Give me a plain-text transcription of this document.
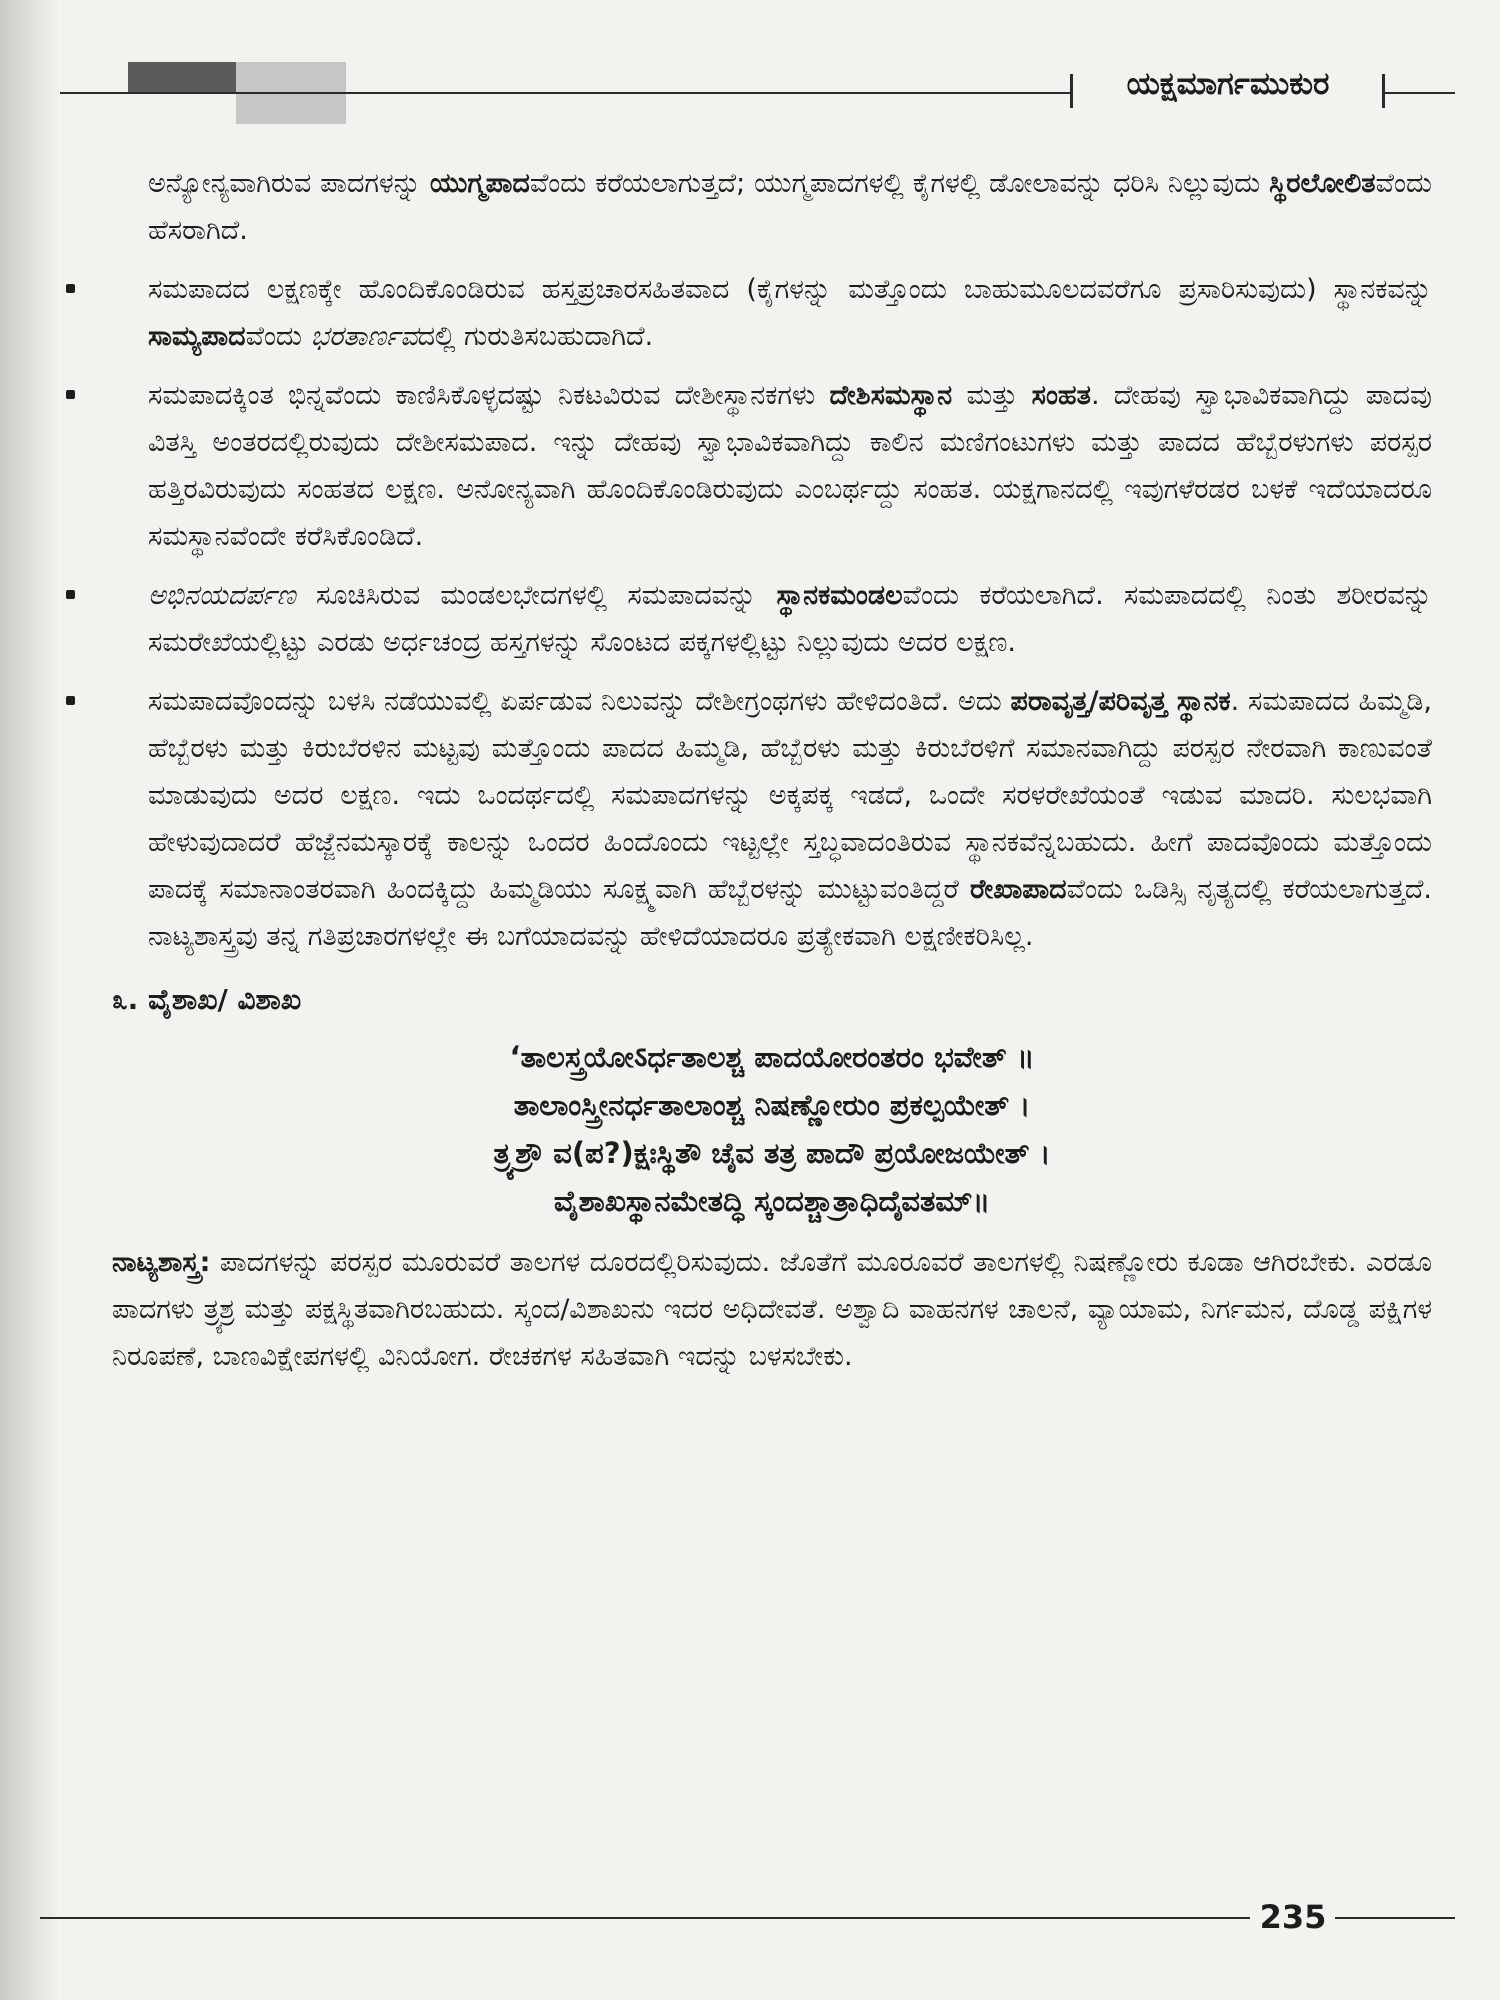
ಯಕ್ಷಮಾರ್ಗಮುಕುರ

ಅನ್ಯೋನ್ಯವಾಗಿರುವ ಪಾದಗಳನ್ನು ಯುಗ್ಮಪಾದವೆಂದು ಕರೆಯಲಾಗುತ್ತದೆ; ಯುಗ್ಮಪಾದಗಳಲ್ಲಿ ಕೈಗಳಲ್ಲಿ ಡೋಲಾವನ್ನು ಧರಿಸಿ ನಿಲ್ಲುವುದು ಸ್ಥಿರಲೋಲಿತವೆಂದು ಹೆಸರಾಗಿದೆ.

ಸಮಪಾದದ ಲಕ್ಷಣಕ್ಕೇ ಹೊಂದಿಕೊಂಡಿರುವ ಹಸ್ತಪ್ರಚಾರಸಹಿತವಾದ (ಕೈಗಳನ್ನು ಮತ್ತೊಂದು ಬಾಹುಮೂಲದವರೆಗೂ ಪ್ರಸಾರಿಸುವುದು) ಸ್ಥಾನಕವನ್ನು ಸಾಮ್ಯಪಾದವೆಂದು ಭರತಾರ್ಣವದಲ್ಲಿ ಗುರುತಿಸಬಹುದಾಗಿದೆ.

ಸಮಪಾದಕ್ಕಿಂತ ಭಿನ್ನವೆಂದು ಕಾಣಿಸಿಕೊಳ್ಳದಷ್ಟು ನಿಕಟವಿರುವ ದೇಶೀಸ್ಥಾನಕಗಳು ದೇಶಿಸಮಸ್ಥಾನ ಮತ್ತು ಸಂಹತ. ದೇಹವು ಸ್ವಾಭಾವಿಕವಾಗಿದ್ದು ಪಾದವು ವಿತಸ್ತಿ ಅಂತರದಲ್ಲಿರುವುದು ದೇಶೀಸಮಪಾದ. ಇನ್ನು ದೇಹವು ಸ್ವಾಭಾವಿಕವಾಗಿದ್ದು ಕಾಲಿನ ಮಣಿಗಂಟುಗಳು ಮತ್ತು ಪಾದದ ಹೆಬ್ಬೆರಳುಗಳು ಪರಸ್ಪರ ಹತ್ತಿರವಿರುವುದು ಸಂಹತದ ಲಕ್ಷಣ. ಅನೋನ್ಯವಾಗಿ ಹೊಂದಿಕೊಂಡಿರುವುದು ಎಂಬರ್ಥದ್ದು ಸಂಹತ. ಯಕ್ಷಗಾನದಲ್ಲಿ ಇವುಗಳೆರಡರ ಬಳಕೆ ಇದೆಯಾದರೂ ಸಮಸ್ಥಾನವೆಂದೇ ಕರೆಸಿಕೊಂಡಿದೆ.

ಅಭಿನಯದರ್ಪಣ ಸೂಚಿಸಿರುವ ಮಂಡಲಭೇದಗಳಲ್ಲಿ ಸಮಪಾದವನ್ನು ಸ್ಥಾನಕಮಂಡಲವೆಂದು ಕರೆಯಲಾಗಿದೆ. ಸಮಪಾದದಲ್ಲಿ ನಿಂತು ಶರೀರವನ್ನು ಸಮರೇಖೆಯಲ್ಲಿಟ್ಟು ಎರಡು ಅರ್ಧಚಂದ್ರ ಹಸ್ತಗಳನ್ನು ಸೊಂಟದ ಪಕ್ಕಗಳಲ್ಲಿಟ್ಟು ನಿಲ್ಲುವುದು ಅದರ ಲಕ್ಷಣ.

ಸಮಪಾದವೊಂದನ್ನು ಬಳಸಿ ನಡೆಯುವಲ್ಲಿ ಏರ್ಪಡುವ ನಿಲುವನ್ನು ದೇಶೀಗ್ರಂಥಗಳು ಹೇಳಿದಂತಿದೆ. ಅದು ಪರಾವೃತ್ತ/ಪರಿವೃತ್ತ ಸ್ಥಾನಕ. ಸಮಪಾದದ ಹಿಮ್ಮಡಿ, ಹೆಬ್ಬೆರಳು ಮತ್ತು ಕಿರುಬೆರಳಿನ ಮಟ್ಟವು ಮತ್ತೊಂದು ಪಾದದ ಹಿಮ್ಮಡಿ, ಹೆಬ್ಬೆರಳು ಮತ್ತು ಕಿರುಬೆರಳಿಗೆ ಸಮಾನವಾಗಿದ್ದು ಪರಸ್ಪರ ನೇರವಾಗಿ ಕಾಣುವಂತೆ ಮಾಡುವುದು ಅದರ ಲಕ್ಷಣ. ಇದು ಒಂದರ್ಥದಲ್ಲಿ ಸಮಪಾದಗಳನ್ನು ಅಕ್ಕಪಕ್ಕ ಇಡದೆ, ಒಂದೇ ಸರಳರೇಖೆಯಂತೆ ಇಡುವ ಮಾದರಿ. ಸುಲಭವಾಗಿ ಹೇಳುವುದಾದರೆ ಹೆಜ್ಜೆನಮಸ್ಕಾರಕ್ಕೆ ಕಾಲನ್ನು ಒಂದರ ಹಿಂದೊಂದು ಇಟ್ಟಲ್ಲೇ ಸ್ತಬ್ಧವಾದಂತಿರುವ ಸ್ಥಾನಕವೆನ್ನಬಹುದು. ಹೀಗೆ ಪಾದವೊಂದು ಮತ್ತೊಂದು ಪಾದಕ್ಕೆ ಸಮಾನಾಂತರವಾಗಿ ಹಿಂದಕ್ಕಿದ್ದು ಹಿಮ್ಮಡಿಯು ಸೂಕ್ಷ್ಮವಾಗಿ ಹೆಬ್ಬೆರಳನ್ನು ಮುಟ್ಟುವಂತಿದ್ದರೆ ರೇಖಾಪಾದವೆಂದು ಒಡಿಸ್ಸಿ ನೃತ್ಯದಲ್ಲಿ ಕರೆಯಲಾಗುತ್ತದೆ. ನಾಟ್ಯಶಾಸ್ತ್ರವು ತನ್ನ ಗತಿಪ್ರಚಾರಗಳಲ್ಲೇ ಈ ಬಗೆಯಾದವನ್ನು ಹೇಳಿದೆಯಾದರೂ ಪ್ರತ್ಯೇಕವಾಗಿ ಲಕ್ಷಣೀಕರಿಸಿಲ್ಲ.

೩. ವೈಶಾಖ/ ವಿಶಾಖ
‘ತಾಲಸ್ತ್ರಯೋऽರ್ಧತಾಲಶ್ಚ ಪಾದಯೋರಂತರಂ ಭವೇತ್ ॥
ತಾಲಾಂಸ್ತ್ರೀನರ್ಧತಾಲಾಂಶ್ಚ ನಿಷಣ್ಣೋರುಂ ಪ್ರಕಲ್ಪಯೇತ್ ।
ತ್ರ್ಯಶ್ರೌ ವ(ಪ?)ಕ್ಷಃಸ್ಥಿತೌ ಚೈವ ತತ್ರ ಪಾದೌ ಪ್ರಯೋಜಯೇತ್ ।
ವೈಶಾಖಸ್ಥಾನಮೇತದ್ಧಿ ಸ್ಕಂದಶ್ಚಾತ್ರಾಧಿದೈವತಮ್॥

ನಾಟ್ಯಶಾಸ್ತ್ರ: ಪಾದಗಳನ್ನು ಪರಸ್ಪರ ಮೂರುವರೆ ತಾಲಗಳ ದೂರದಲ್ಲಿರಿಸುವುದು. ಜೊತೆಗೆ ಮೂರೂವರೆ ತಾಲಗಳಲ್ಲಿ ನಿಷಣ್ಣೋರು ಕೂಡಾ ಆಗಿರಬೇಕು. ಎರಡೂ ಪಾದಗಳು ತ್ರ್ಯಶ್ರ ಮತ್ತು ಪಕ್ಷಸ್ಥಿತವಾಗಿರಬಹುದು. ಸ್ಕಂದ/ವಿಶಾಖನು ಇದರ ಅಧಿದೇವತೆ. ಅಶ್ವಾದಿ ವಾಹನಗಳ ಚಾಲನೆ, ವ್ಯಾಯಾಮ, ನಿರ್ಗಮನ, ದೊಡ್ಡ ಪಕ್ಷಿಗಳ ನಿರೂಪಣೆ, ಬಾಣವಿಕ್ಷೇಪಗಳಲ್ಲಿ ವಿನಿಯೋಗ. ರೇಚಕಗಳ ಸಹಿತವಾಗಿ ಇದನ್ನು ಬಳಸಬೇಕು.

235
